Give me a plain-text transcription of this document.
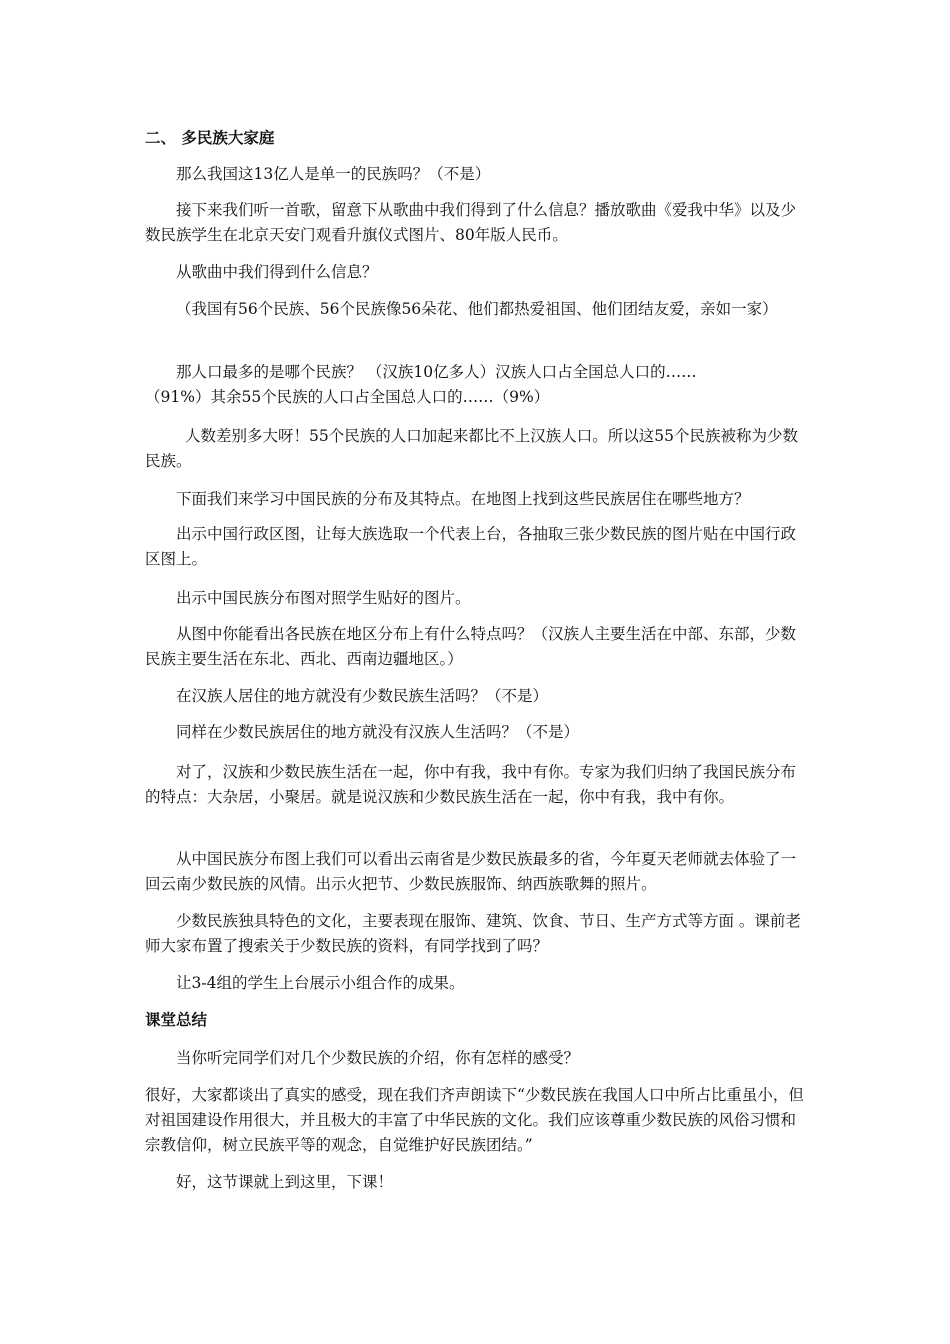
二、 多民族大家庭

那么我国这13亿人是单一的民族吗？（不是）

接下来我们听一首歌，留意下从歌曲中我们得到了什么信息？播放歌曲《爱我中华》以及少数民族学生在北京天安门观看升旗仪式图片、80年版人民币。

从歌曲中我们得到什么信息？

（我国有56个民族、56个民族像56朵花、他们都热爱祖国、他们团结友爱，亲如一家）

那人口最多的是哪个民族？ （汉族10亿多人）汉族人口占全国总人口的……

（91%）其余55个民族的人口占全国总人口的……（9%）

人数差别多大呀！55个民族的人口加起来都比不上汉族人口。所以这55个民族被称为少数民族。

下面我们来学习中国民族的分布及其特点。在地图上找到这些民族居住在哪些地方？

出示中国行政区图，让每大族选取一个代表上台，各抽取三张少数民族的图片贴在中国行政区图上。

出示中国民族分布图对照学生贴好的图片。

从图中你能看出各民族在地区分布上有什么特点吗？（汉族人主要生活在中部、东部，少数民族主要生活在东北、西北、西南边疆地区。）

在汉族人居住的地方就没有少数民族生活吗？（不是）

同样在少数民族居住的地方就没有汉族人生活吗？（不是）

对了，汉族和少数民族生活在一起，你中有我，我中有你。专家为我们归纳了我国民族分布的特点：大杂居，小聚居。就是说汉族和少数民族生活在一起，你中有我，我中有你。

从中国民族分布图上我们可以看出云南省是少数民族最多的省，今年夏天老师就去体验了一回云南少数民族的风情。出示火把节、少数民族服饰、纳西族歌舞的照片。

少数民族独具特色的文化，主要表现在服饰、建筑、饮食、节日、生产方式等方面 。课前老师大家布置了搜索关于少数民族的资料，有同学找到了吗？

让3-4组的学生上台展示小组合作的成果。

课堂总结

当你听完同学们对几个少数民族的介绍，你有怎样的感受？

很好，大家都谈出了真实的感受，现在我们齐声朗读下“少数民族在我国人口中所占比重虽小，但对祖国建设作用很大，并且极大的丰富了中华民族的文化。我们应该尊重少数民族的风俗习惯和宗教信仰，树立民族平等的观念，自觉维护好民族团结。”

好，这节课就上到这里，下课！
